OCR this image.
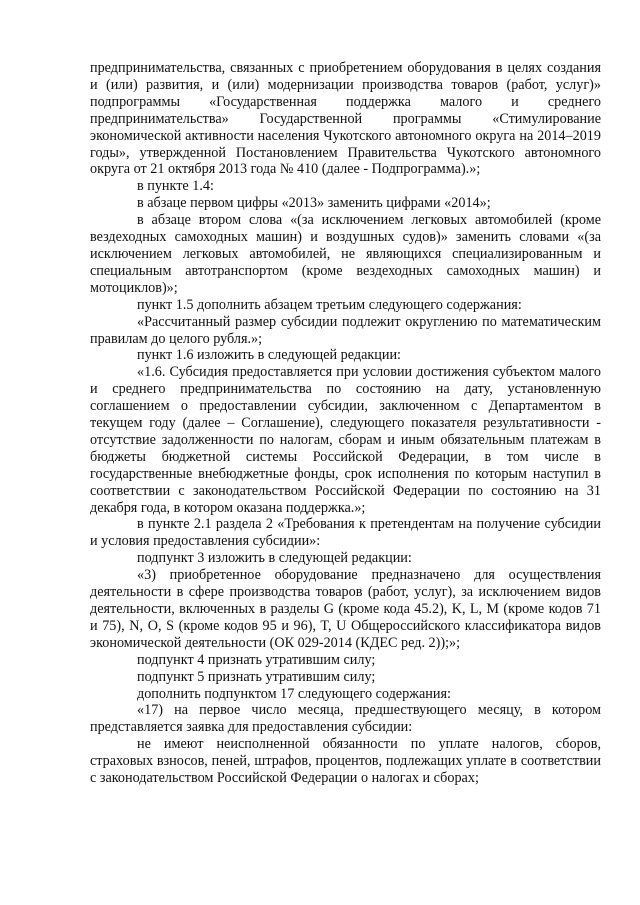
предпринимательства, связанных с приобретением оборудования в целях создания и (или) развития, и (или) модернизации производства товаров (работ, услуг)» подпрограммы «Государственная поддержка малого и среднего предпринимательства» Государственной программы «Стимулирование экономической активности населения Чукотского автономного округа на 2014–2019 годы», утвержденной Постановлением Правительства Чукотского автономного округа от 21 октября 2013 года № 410 (далее - Подпрограмма).»;

в пункте 1.4:

в абзаце первом цифры «2013» заменить цифрами «2014»;

в абзаце втором слова «(за исключением легковых автомобилей (кроме вездеходных самоходных машин) и воздушных судов)» заменить словами «(за исключением легковых автомобилей, не являющихся специализированным и специальным автотранспортом (кроме вездеходных самоходных машин) и мотоциклов)»;

пункт 1.5 дополнить абзацем третьим следующего содержания:

«Рассчитанный размер субсидии подлежит округлению по математическим правилам до целого рубля.»;

пункт 1.6 изложить в следующей редакции:

«1.6. Субсидия предоставляется при условии достижения субъектом малого и среднего предпринимательства по состоянию на дату, установленную соглашением о предоставлении субсидии, заключенном с Департаментом в текущем году (далее – Соглашение), следующего показателя результативности - отсутствие задолженности по налогам, сборам и иным обязательным платежам в бюджеты бюджетной системы Российской Федерации, в том числе в государственные внебюджетные фонды, срок исполнения по которым наступил в соответствии с законодательством Российской Федерации по состоянию на 31 декабря года, в котором оказана поддержка.»;

в пункте 2.1 раздела 2 «Требования к претендентам на получение субсидии и условия предоставления субсидии»:

подпункт 3 изложить в следующей редакции:

«3) приобретенное оборудование предназначено для осуществления деятельности в сфере производства товаров (работ, услуг), за исключением видов деятельности, включенных в разделы G (кроме кода 45.2), K, L, M (кроме кодов 71 и 75), N, O, S (кроме кодов 95 и 96), T, U Общероссийского классификатора видов экономической деятельности (ОК 029-2014 (КДЕС ред. 2));»;

подпункт 4 признать утратившим силу;

подпункт 5 признать утратившим силу;

дополнить подпунктом 17 следующего содержания:

«17) на первое число месяца, предшествующего месяцу, в котором представляется заявка для предоставления субсидии:

не имеют неисполненной обязанности по уплате налогов, сборов, страховых взносов, пеней, штрафов, процентов, подлежащих уплате в соответствии с законодательством Российской Федерации о налогах и сборах;
